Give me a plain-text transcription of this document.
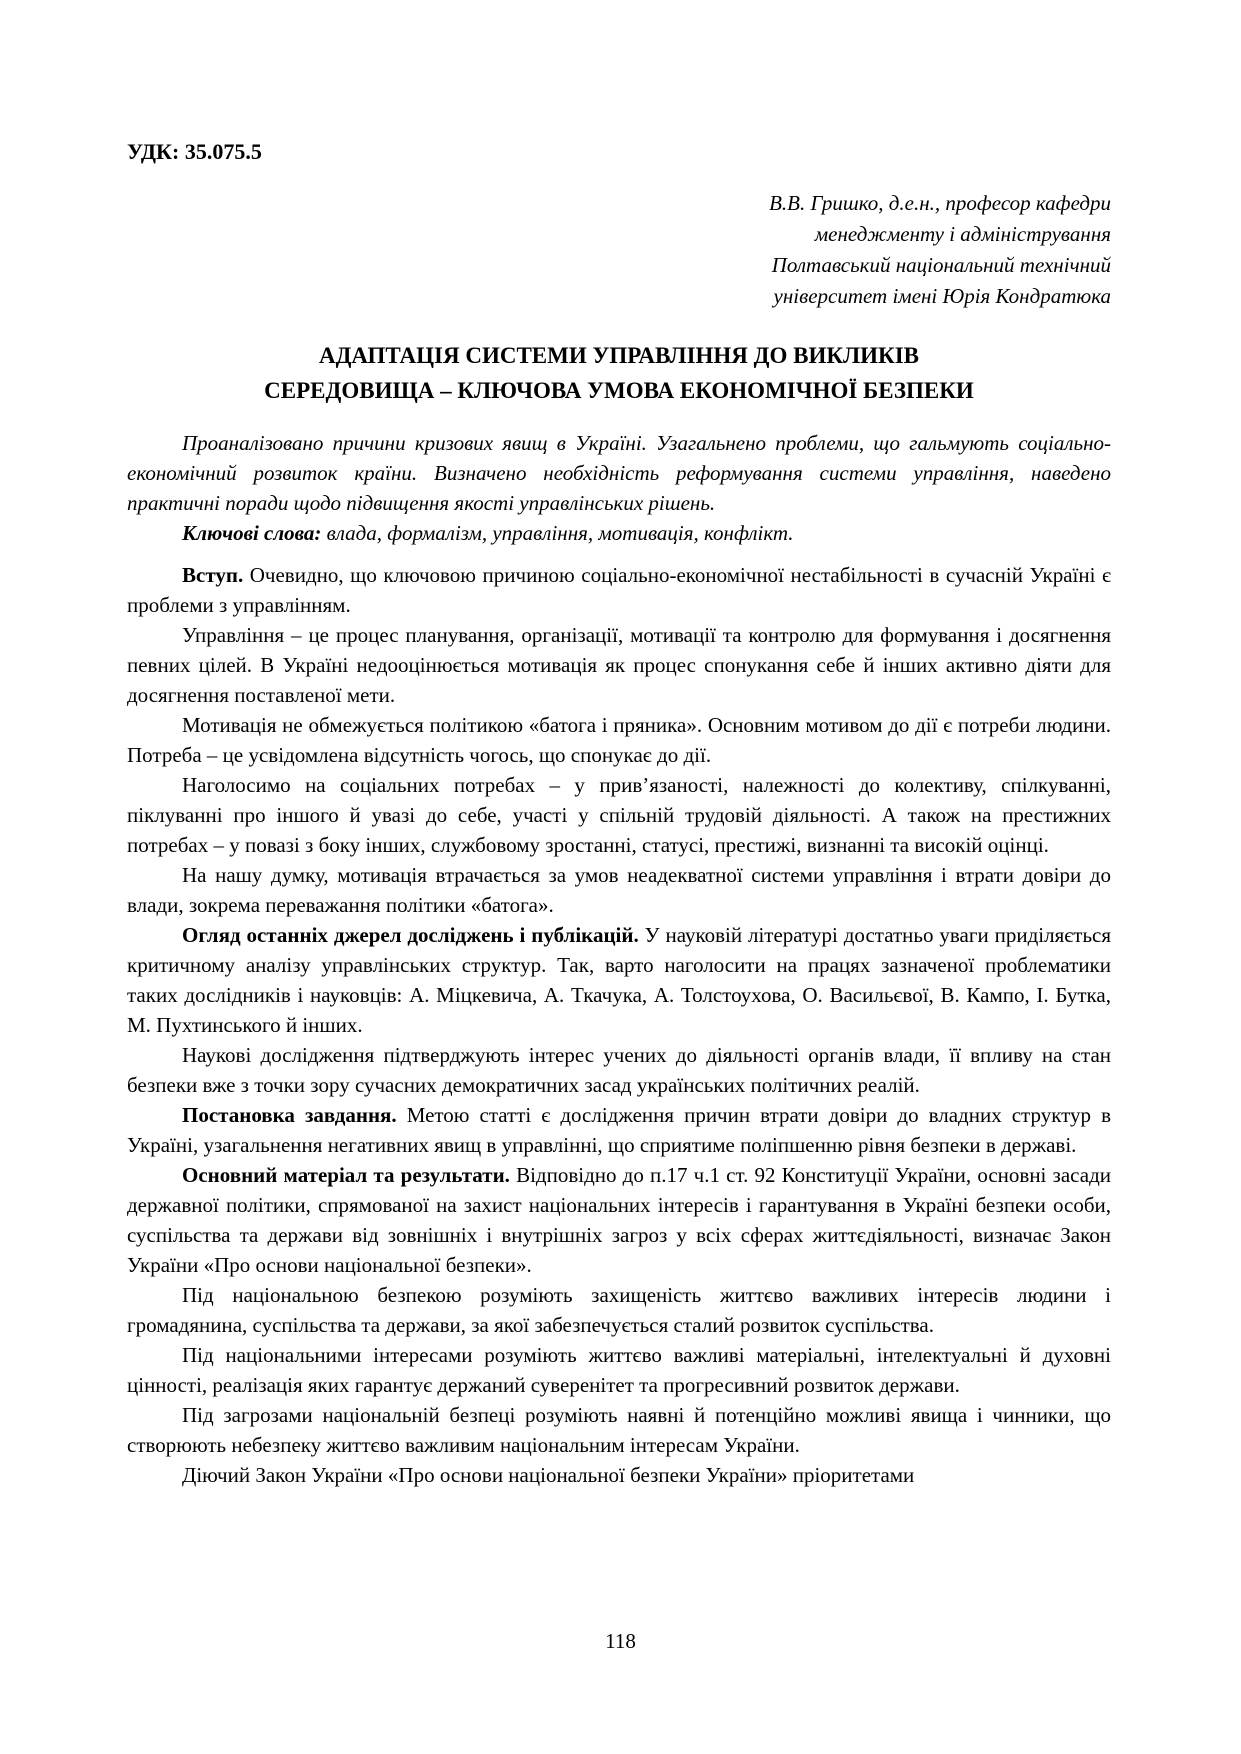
УДК: 35.075.5
В.В. Гришко, д.е.н., професор кафедри
менеджменту і адміністрування
Полтавський національний технічний
університет імені Юрія Кондратюка
АДАПТАЦІЯ СИСТЕМИ УПРАВЛІННЯ ДО ВИКЛИКІВ
СЕРЕДОВИЩА – КЛЮЧОВА УМОВА ЕКОНОМІЧНОЇ БЕЗПЕКИ

Проаналізовано причини кризових явищ в Україні. Узагальнено проблеми, що гальмують соціально-економічний розвиток країни. Визначено необхідність реформування системи управління, наведено практичні поради щодо підвищення якості управлінських рішень.

Ключові слова: влада, формалізм, управління, мотивація, конфлікт.

Вступ. Очевидно, що ключовою причиною соціально-економічної нестабільності в сучасній Україні є проблеми з управлінням.

Управління – це процес планування, організації, мотивації та контролю для формування і досягнення певних цілей. В Україні недооцінюється мотивація як процес спонукання себе й інших активно діяти для досягнення поставленої мети.

Мотивація не обмежується політикою «батога і пряника». Основним мотивом до дії є потреби людини. Потреба – це усвідомлена відсутність чогось, що спонукає до дії.

Наголосимо на соціальних потребах – у прив’язаності, належності до колективу, спілкуванні, піклуванні про іншого й увазі до себе, участі у спільній трудовій діяльності. А також на престижних потребах – у повазі з боку інших, службовому зростанні, статусі, престижі, визнанні та високій оцінці.

На нашу думку, мотивація втрачається за умов неадекватної системи управління і втрати довіри до влади, зокрема переважання політики «батога».

Огляд останніх джерел досліджень і публікацій. У науковій літературі достатньо уваги приділяється критичному аналізу управлінських структур. Так, варто наголосити на працях зазначеної проблематики таких дослідників і науковців: А. Міцкевича, А. Ткачука, А. Толстоухова, О. Васильєвої, В. Кампо, І. Бутка, М. Пухтинського й інших.

Наукові дослідження підтверджують інтерес учених до діяльності органів влади, її впливу на стан безпеки вже з точки зору сучасних демократичних засад українських політичних реалій.

Постановка завдання. Метою статті є дослідження причин втрати довіри до владних структур в Україні, узагальнення негативних явищ в управлінні, що сприятиме поліпшенню рівня безпеки в державі.

Основний матеріал та результати. Відповідно до п.17 ч.1 ст. 92 Конституції України, основні засади державної політики, спрямованої на захист національних інтересів і гарантування в Україні безпеки особи, суспільства та держави від зовнішніх і внутрішніх загроз у всіх сферах життєдіяльності, визначає Закон України «Про основи національної безпеки».

Під національною безпекою розуміють захищеність життєво важливих інтересів людини і громадянина, суспільства та держави, за якої забезпечується сталий розвиток суспільства.

Під національними інтересами розуміють життєво важливі матеріальні, інтелектуальні й духовні цінності, реалізація яких гарантує держаний суверенітет та прогресивний розвиток держави.

Під загрозами національній безпеці розуміють наявні й потенційно можливі явища і чинники, що створюють небезпеку життєво важливим національним інтересам України.

Діючий Закон України «Про основи національної безпеки України» пріоритетами

118
